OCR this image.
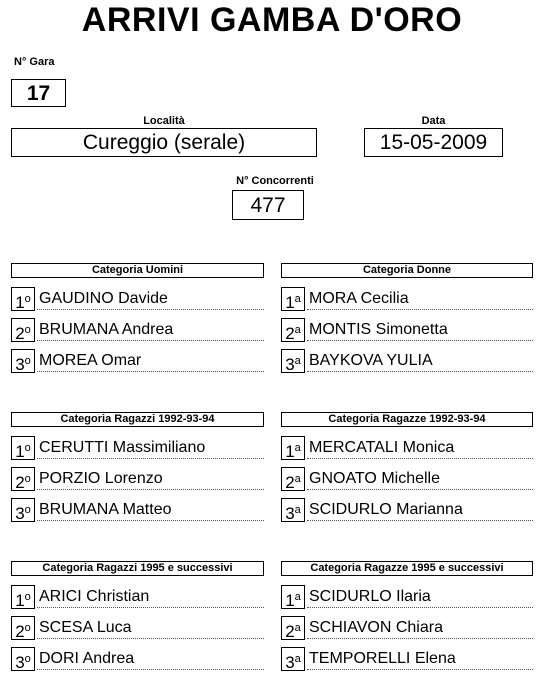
ARRIVI GAMBA D'ORO
N° Gara
17
Località
Cureggio (serale)
Data
15-05-2009
N° Concorrenti
477
Categoria Uomini
1$^o$ GAUDINO Davide
2$^o$ BRUMANA Andrea
3$^o$ MOREA Omar
Categoria Donne
1$^a$ MORA Cecilia
2$^a$ MONTIS Simonetta
3$^a$ BAYKOVA YULIA
Categoria Ragazzi 1992-93-94
1$^o$ CERUTTI Massimiliano
2$^o$ PORZIO Lorenzo
3$^o$ BRUMANA Matteo
Categoria Ragazze 1992-93-94
1$^a$ MERCATALI Monica
2$^a$ GNOATO Michelle
3$^a$ SCIDURLO Marianna
Categoria Ragazzi 1995 e successivi
1$^o$ ARICI Christian
2$^o$ SCESA Luca
3$^o$ DORI Andrea
Categoria Ragazze 1995 e successivi
1$^a$ SCIDURLO Ilaria
2$^a$ SCHIAVON Chiara
3$^a$ TEMPORELLI Elena
